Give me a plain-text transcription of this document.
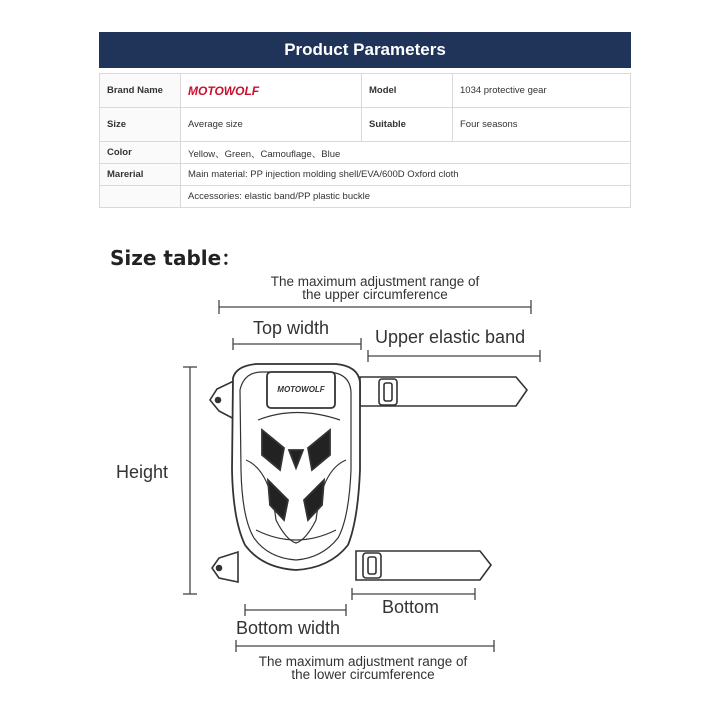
Product Parameters
Brand Name	MOTOWOLF	Model	1034 protective gear
Size	Average size	Suitable	Four seasons
Color	Yellow、Green、Camouflage、Blue		
Marerial	Main material: PP injection molding shell/EVA/600D Oxford cloth		
	Accessories: elastic band/PP plastic buckle		
Size table：
MOTOWOLF
The maximum adjustment range of
the upper circumference
Top width	Upper elastic band
Height
Bottom
Bottom width
The maximum adjustment range of
the lower circumference
